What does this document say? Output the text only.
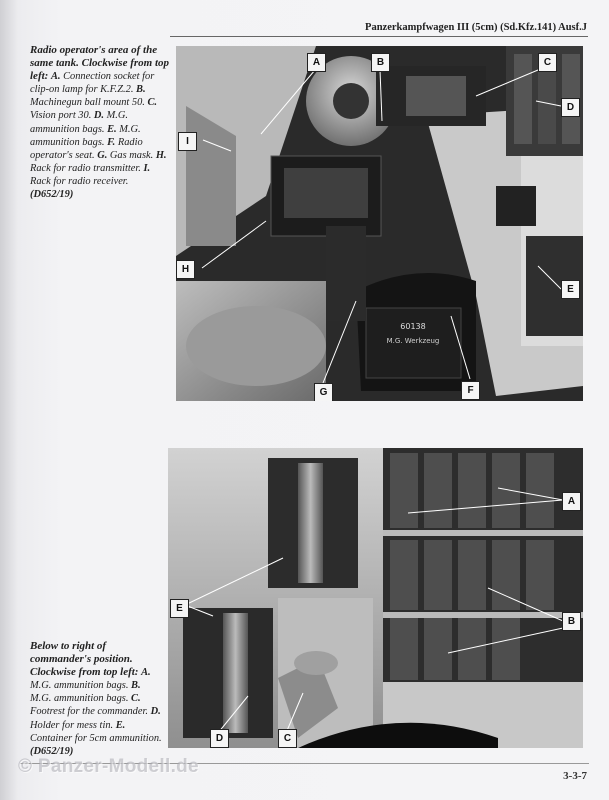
Panzerkampfwagen III (5cm) (Sd.Kfz.141) Ausf.J
Radio operator's area of the same tank. Clockwise from top left: A. Connection socket for clip-on lamp for K.F.Z.2. B. Machinegun ball mount 50. C. Vision port 30. D. M.G. ammunition bags. E. M.G. ammunition bags. F. Radio operator's seat. G. Gas mask. H. Rack for radio transmitter. I. Rack for radio receiver. (D652/19)
60138
M.G. Werkzeug
A	B	C
D
E
F
G
H
I
A
B
E
D	C
Below to right of commander's position. Clockwise from top left: A. M.G. ammunition bags. B. M.G. ammunition bags. C. Footrest for the commander. D. Holder for mess tin. E. Container for 5cm ammunition. (D652/19)
© Panzer-Modell.de	3-3-7
